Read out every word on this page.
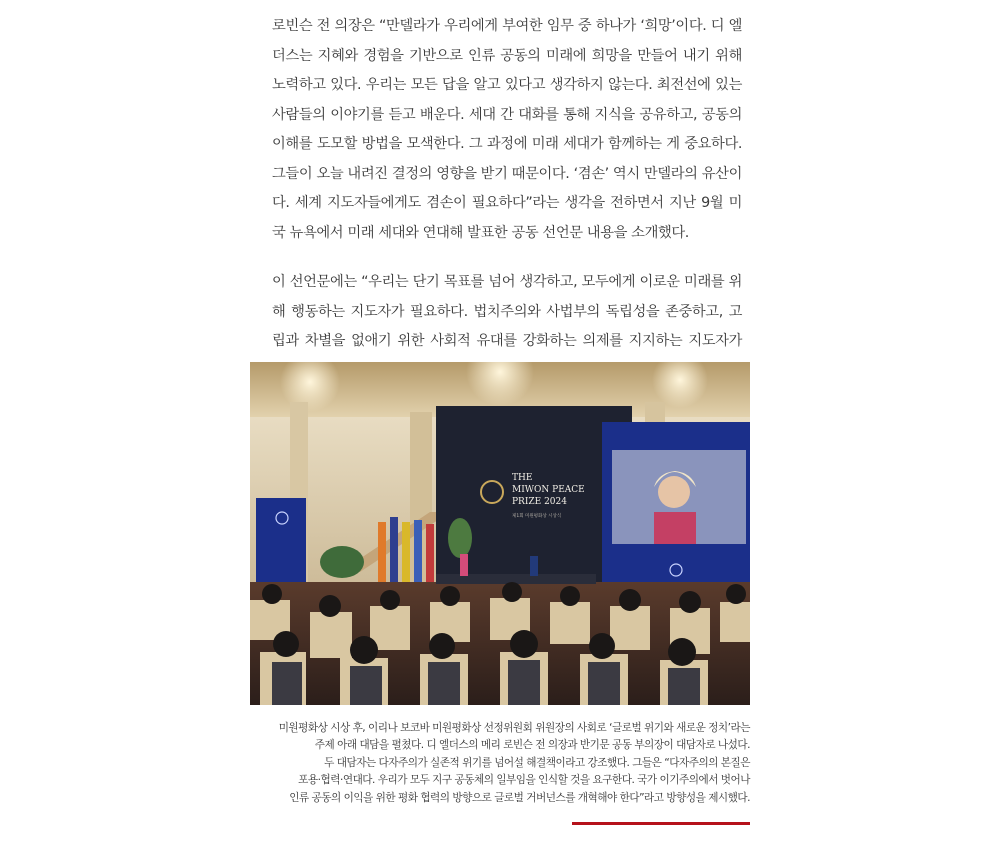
로빈슨 전 의장은 “만델라가 우리에게 부여한 임무 중 하나가 ‘희망’이다. 디 엘더스는 지혜와 경험을 기반으로 인류 공동의 미래에 희망을 만들어 내기 위해 노력하고 있다. 우리는 모든 답을 알고 있다고 생각하지 않는다. 최전선에 있는 사람들의 이야기를 듣고 배운다. 세대 간 대화를 통해 지식을 공유하고, 공동의 이해를 도모할 방법을 모색한다. 그 과정에 미래 세대가 함께하는 게 중요하다. 그들이 오늘 내려진 결정의 영향을 받기 때문이다. ‘겸손’ 역시 만델라의 유산이다. 세계 지도자들에게도 겸손이 필요하다”라는 생각을 전하면서 지난 9월 미국 뉴욕에서 미래 세대와 연대해 발표한 공동 선언문 내용을 소개했다.

이 선언문에는 “우리는 단기 목표를 넘어 생각하고, 모두에게 이로운 미래를 위해 행동하는 지도자가 필요하다. 법치주의와 사법부의 독립성을 존중하고, 고립과 차별을 없애기 위한 사회적 유대를 강화하는 의제를 지지하는 지도자가

THE
MIWON PEACE
PRIZE 2024
제1회 미원평화상 시상식
미원평화상 시상 후, 이리나 보코바 미원평화상 선정위원회 위원장의 사회로 ‘글로벌 위기와 새로운 정치’라는
주제 아래 대담을 펼쳤다. 디 엘더스의 메리 로빈슨 전 의장과 반기문 공동 부의장이 대담자로 나섰다.
두 대담자는 다자주의가 실존적 위기를 넘어설 해결책이라고 강조했다. 그들은 “다자주의의 본질은
포용·협력·연대다. 우리가 모두 지구 공동체의 일부임을 인식할 것을 요구한다. 국가 이기주의에서 벗어나
인류 공동의 이익을 위한 평화 협력의 방향으로 글로벌 거버넌스를 개혁해야 한다”라고 방향성을 제시했다.
